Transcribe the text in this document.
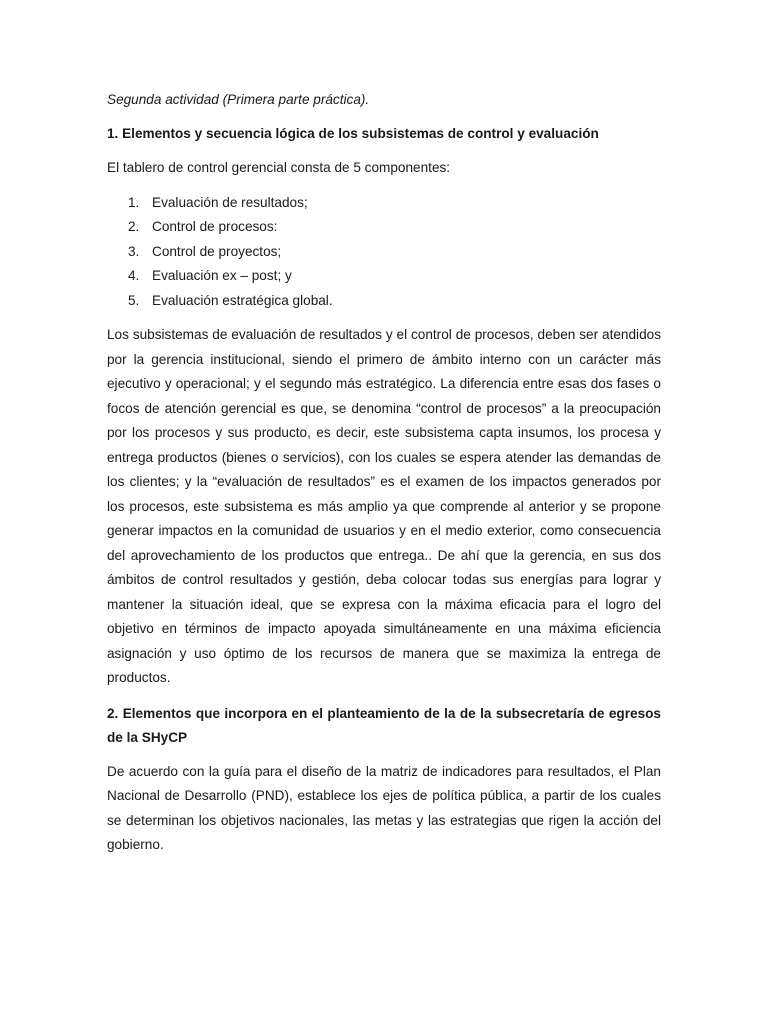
Segunda actividad (Primera parte práctica).

1. Elementos y secuencia lógica de los subsistemas de control y evaluación

El tablero de control gerencial consta de 5 componentes:

1. Evaluación de resultados;
2. Control de procesos:
3. Control de proyectos;
4. Evaluación ex – post; y
5. Evaluación estratégica global.

Los subsistemas de evaluación de resultados y el control de procesos, deben ser atendidos por la gerencia institucional, siendo el primero de ámbito interno con un carácter más ejecutivo y operacional; y el segundo más estratégico. La diferencia entre esas dos fases o focos de atención gerencial es que, se denomina “control de procesos” a la preocupación por los procesos y sus producto, es decir, este subsistema capta insumos, los procesa y entrega productos (bienes o servicios), con los cuales se espera atender las demandas de los clientes; y la “evaluación de resultados” es el examen de los impactos generados por los procesos, este subsistema es más amplio ya que comprende al anterior y se propone generar impactos en la comunidad de usuarios y en el medio exterior, como consecuencia del aprovechamiento de los productos que entrega.. De ahí que la gerencia, en sus dos ámbitos de control resultados y gestión, deba colocar todas sus energías para lograr y mantener la situación ideal, que se expresa con la máxima eficacia para el logro del objetivo en términos de impacto apoyada simultáneamente en una máxima eficiencia asignación y uso óptimo de los recursos de manera que se maximiza la entrega de productos.

2. Elementos que incorpora en el planteamiento de la de la subsecretaría de egresos de la SHyCP

De acuerdo con la guía para el diseño de la matriz de indicadores para resultados, el Plan Nacional de Desarrollo (PND), establece los ejes de política pública, a partir de los cuales se determinan los objetivos nacionales, las metas y las estrategias que rigen la acción del gobierno.
